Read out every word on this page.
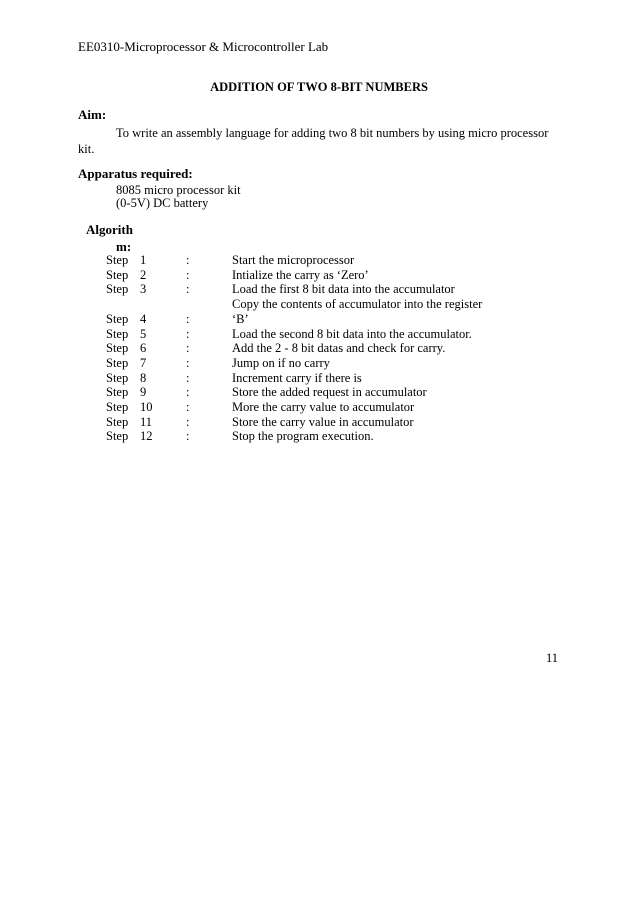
EE0310-Microprocessor & Microcontroller Lab
ADDITION OF TWO 8-BIT NUMBERS
Aim:
To write an assembly language for adding two 8 bit numbers by using micro processor
kit.
Apparatus required:
8085 micro processor kit
(0-5V) DC battery
Algorith
m:
Step 1	:	Start the microprocessor
Step 2	:	Intialize the carry as ‘Zero’
Step 3	:	Load the first 8 bit data into the accumulator
Copy the contents of accumulator into the register
Step 4	:	‘B’
Step 5	:	Load the second 8 bit data into the accumulator.
Step 6	:	Add the 2 - 8 bit datas and check for carry.
Step 7	:	Jump on if no carry
Step 8	:	Increment carry if there is
Step 9	:	Store the added request in accumulator
Step 10	:	More the carry value to accumulator
Step 11	:	Store the carry value in accumulator
Step 12	:	Stop the program execution.
11
